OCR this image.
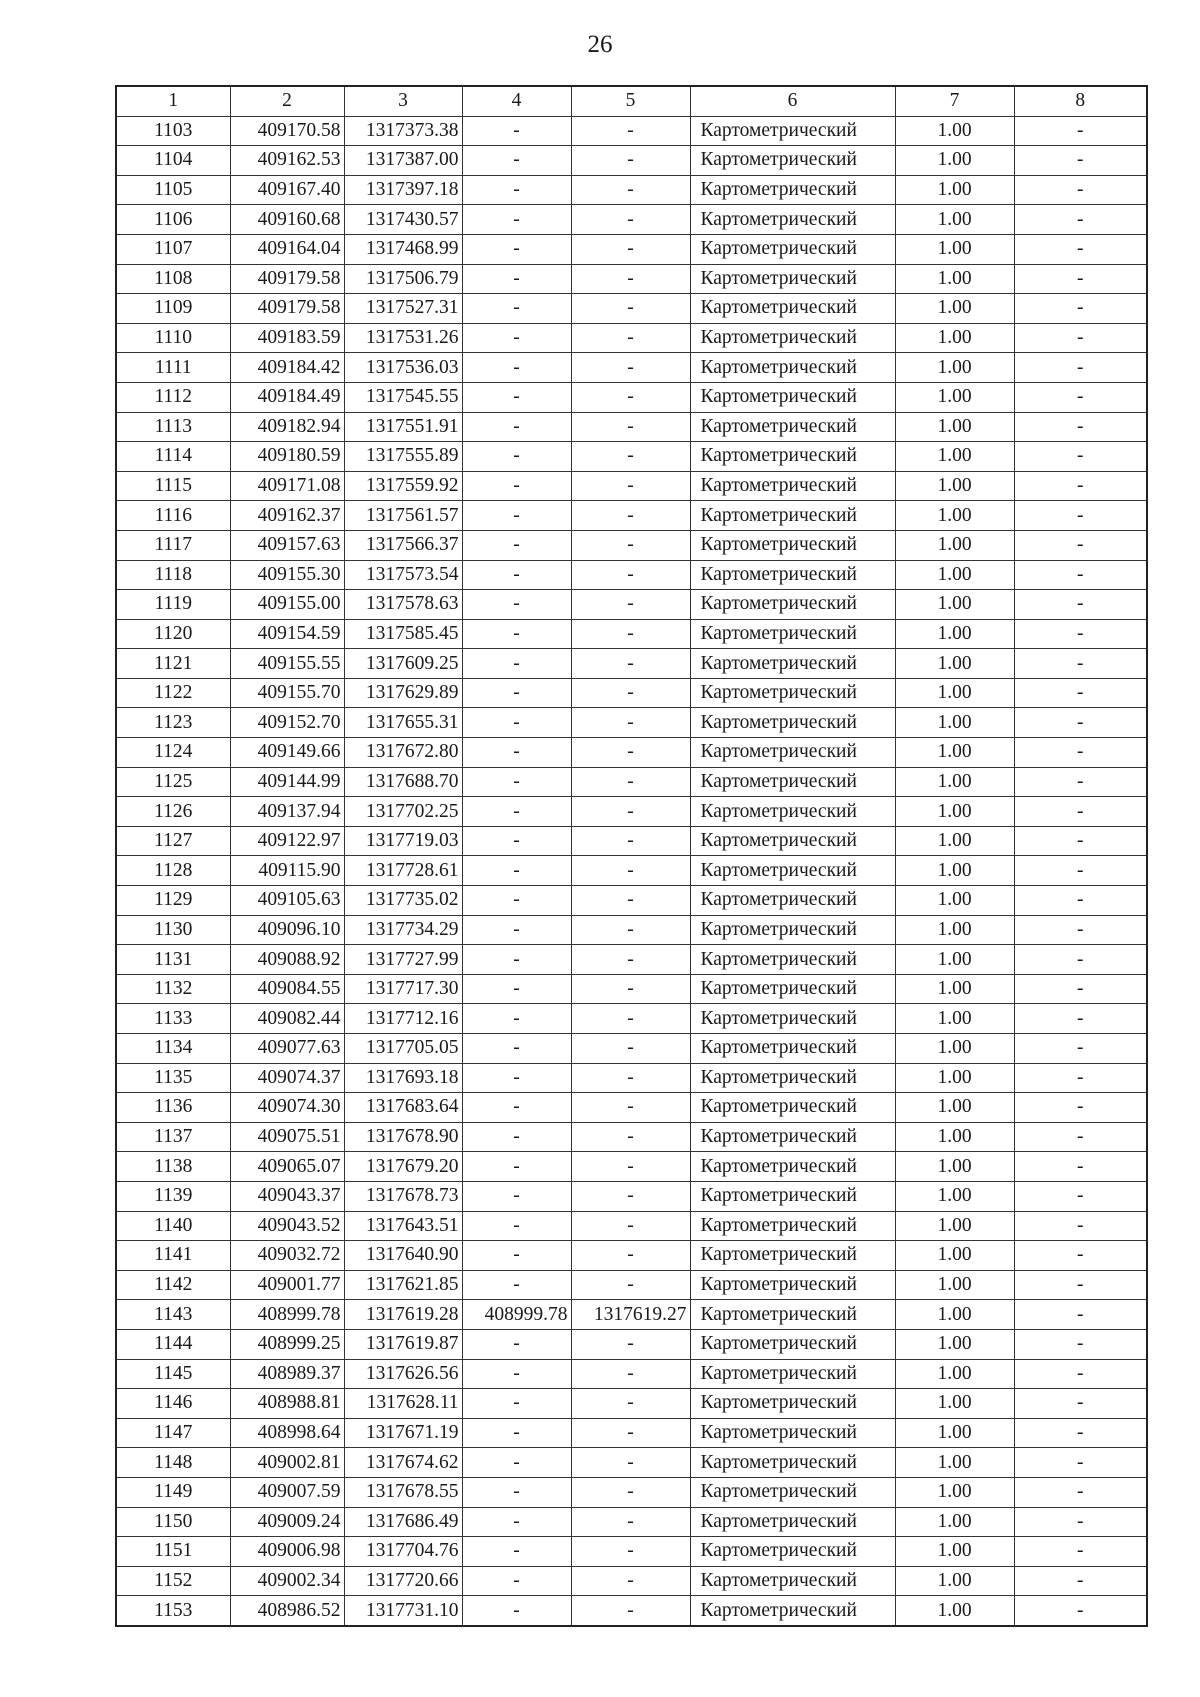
26
1	2	3	4	5	6	7	8
1103	409170.58	1317373.38	-	-	Картометрический	1.00	-
1104	409162.53	1317387.00	-	-	Картометрический	1.00	-
1105	409167.40	1317397.18	-	-	Картометрический	1.00	-
1106	409160.68	1317430.57	-	-	Картометрический	1.00	-
1107	409164.04	1317468.99	-	-	Картометрический	1.00	-
1108	409179.58	1317506.79	-	-	Картометрический	1.00	-
1109	409179.58	1317527.31	-	-	Картометрический	1.00	-
1110	409183.59	1317531.26	-	-	Картометрический	1.00	-
1111	409184.42	1317536.03	-	-	Картометрический	1.00	-
1112	409184.49	1317545.55	-	-	Картометрический	1.00	-
1113	409182.94	1317551.91	-	-	Картометрический	1.00	-
1114	409180.59	1317555.89	-	-	Картометрический	1.00	-
1115	409171.08	1317559.92	-	-	Картометрический	1.00	-
1116	409162.37	1317561.57	-	-	Картометрический	1.00	-
1117	409157.63	1317566.37	-	-	Картометрический	1.00	-
1118	409155.30	1317573.54	-	-	Картометрический	1.00	-
1119	409155.00	1317578.63	-	-	Картометрический	1.00	-
1120	409154.59	1317585.45	-	-	Картометрический	1.00	-
1121	409155.55	1317609.25	-	-	Картометрический	1.00	-
1122	409155.70	1317629.89	-	-	Картометрический	1.00	-
1123	409152.70	1317655.31	-	-	Картометрический	1.00	-
1124	409149.66	1317672.80	-	-	Картометрический	1.00	-
1125	409144.99	1317688.70	-	-	Картометрический	1.00	-
1126	409137.94	1317702.25	-	-	Картометрический	1.00	-
1127	409122.97	1317719.03	-	-	Картометрический	1.00	-
1128	409115.90	1317728.61	-	-	Картометрический	1.00	-
1129	409105.63	1317735.02	-	-	Картометрический	1.00	-
1130	409096.10	1317734.29	-	-	Картометрический	1.00	-
1131	409088.92	1317727.99	-	-	Картометрический	1.00	-
1132	409084.55	1317717.30	-	-	Картометрический	1.00	-
1133	409082.44	1317712.16	-	-	Картометрический	1.00	-
1134	409077.63	1317705.05	-	-	Картометрический	1.00	-
1135	409074.37	1317693.18	-	-	Картометрический	1.00	-
1136	409074.30	1317683.64	-	-	Картометрический	1.00	-
1137	409075.51	1317678.90	-	-	Картометрический	1.00	-
1138	409065.07	1317679.20	-	-	Картометрический	1.00	-
1139	409043.37	1317678.73	-	-	Картометрический	1.00	-
1140	409043.52	1317643.51	-	-	Картометрический	1.00	-
1141	409032.72	1317640.90	-	-	Картометрический	1.00	-
1142	409001.77	1317621.85	-	-	Картометрический	1.00	-
1143	408999.78	1317619.28	408999.78	1317619.27	Картометрический	1.00	-
1144	408999.25	1317619.87	-	-	Картометрический	1.00	-
1145	408989.37	1317626.56	-	-	Картометрический	1.00	-
1146	408988.81	1317628.11	-	-	Картометрический	1.00	-
1147	408998.64	1317671.19	-	-	Картометрический	1.00	-
1148	409002.81	1317674.62	-	-	Картометрический	1.00	-
1149	409007.59	1317678.55	-	-	Картометрический	1.00	-
1150	409009.24	1317686.49	-	-	Картометрический	1.00	-
1151	409006.98	1317704.76	-	-	Картометрический	1.00	-
1152	409002.34	1317720.66	-	-	Картометрический	1.00	-
1153	408986.52	1317731.10	-	-	Картометрический	1.00	-
